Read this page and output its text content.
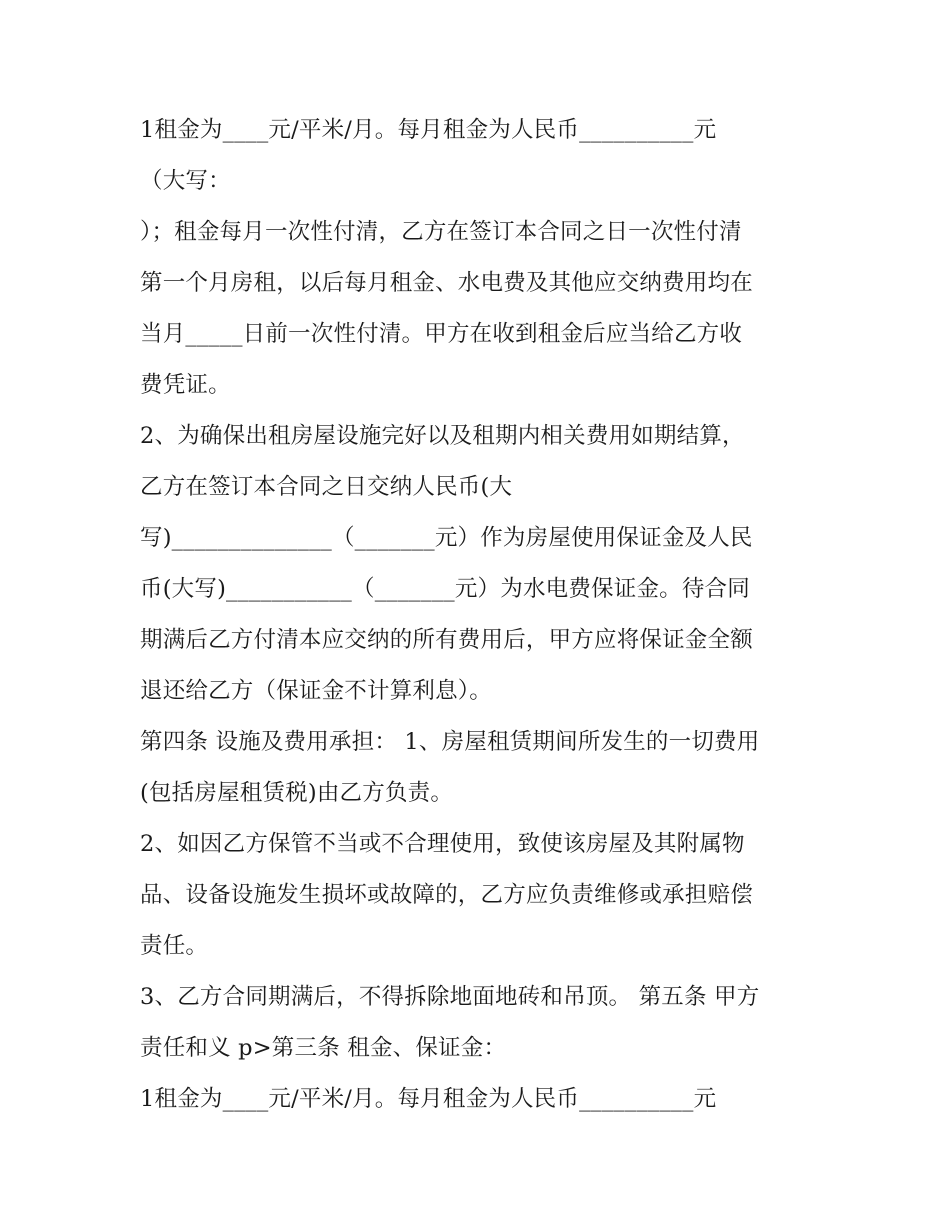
1租金为____元/平米/月。每月租金为人民币__________元
（大写：
）；租金每月一次性付清，乙方在签订本合同之日一次性付清
第一个月房租，以后每月租金、水电费及其他应交纳费用均在
当月_____日前一次性付清。甲方在收到租金后应当给乙方收
费凭证。
2、为确保出租房屋设施完好以及租期内相关费用如期结算，
乙方在签订本合同之日交纳人民币(大
写)______________（_______元）作为房屋使用保证金及人民
币(大写)___________（_______元）为水电费保证金。待合同
期满后乙方付清本应交纳的所有费用后，甲方应将保证金全额
退还给乙方（保证金不计算利息）。
第四条 设施及费用承担： 1、房屋租赁期间所发生的一切费用
(包括房屋租赁税)由乙方负责。
2、如因乙方保管不当或不合理使用，致使该房屋及其附属物
品、设备设施发生损坏或故障的，乙方应负责维修或承担赔偿
责任。
3、乙方合同期满后，不得拆除地面地砖和吊顶。 第五条 甲方
责任和义 p>第三条 租金、保证金：
1租金为____元/平米/月。每月租金为人民币__________元
